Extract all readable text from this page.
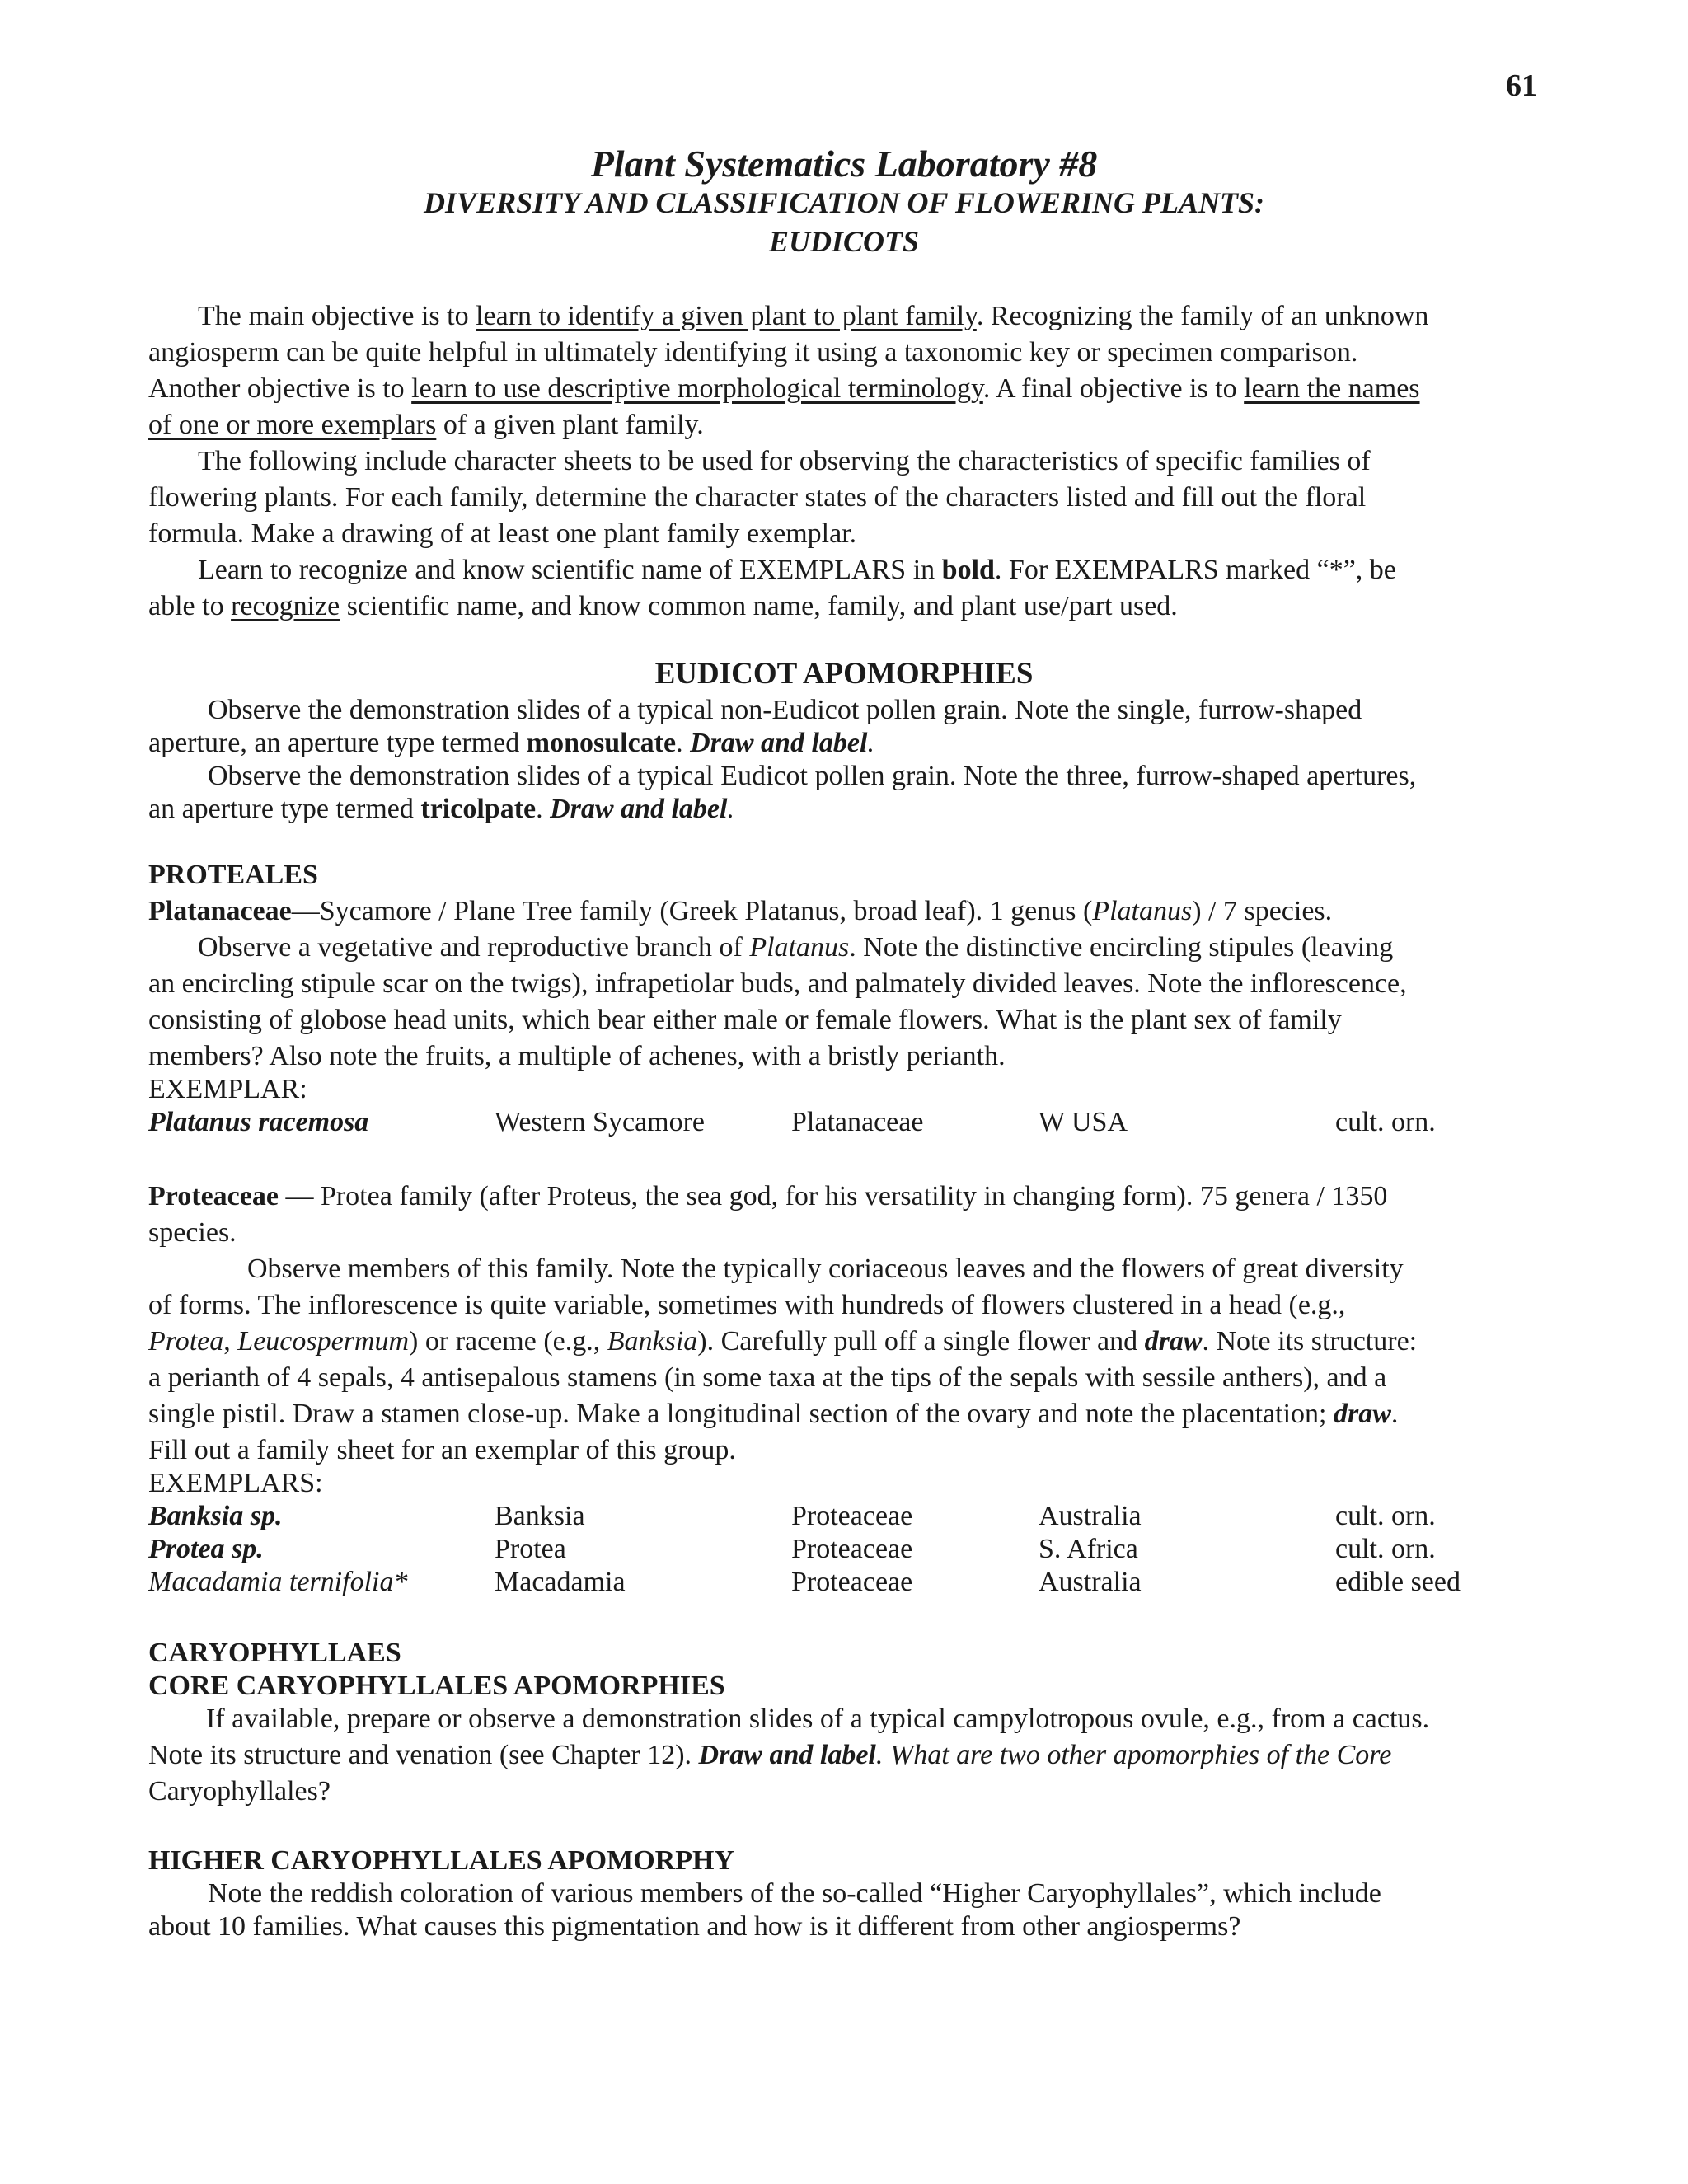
61
Plant Systematics Laboratory #8
DIVERSITY AND CLASSIFICATION OF FLOWERING PLANTS:
EUDICOTS
The main objective is to learn to identify a given plant to plant family. Recognizing the family of an unknown
angiosperm can be quite helpful in ultimately identifying it using a taxonomic key or specimen comparison.
Another objective is to learn to use descriptive morphological terminology. A final objective is to learn the names
of one or more exemplars of a given plant family.
The following include character sheets to be used for observing the characteristics of specific families of
flowering plants. For each family, determine the character states of the characters listed and fill out the floral
formula. Make a drawing of at least one plant family exemplar.
Learn to recognize and know scientific name of EXEMPLARS in bold. For EXEMPALRS marked “*”, be
able to recognize scientific name, and know common name, family, and plant use/part used.
EUDICOT APOMORPHIES
Observe the demonstration slides of a typical non-Eudicot pollen grain. Note the single, furrow-shaped
aperture, an aperture type termed monosulcate. Draw and label.
Observe the demonstration slides of a typical Eudicot pollen grain. Note the three, furrow-shaped apertures,
an aperture type termed tricolpate. Draw and label.
PROTEALES
Platanaceae—Sycamore / Plane Tree family (Greek Platanus, broad leaf). 1 genus (Platanus) / 7 species.
Observe a vegetative and reproductive branch of Platanus. Note the distinctive encircling stipules (leaving
an encircling stipule scar on the twigs), infrapetiolar buds, and palmately divided leaves. Note the inflorescence,
consisting of globose head units, which bear either male or female flowers. What is the plant sex of family
members? Also note the fruits, a multiple of achenes, with a bristly perianth.
EXEMPLAR:
Platanus racemosa	Western Sycamore	Platanaceae	W USA	cult. orn.
Proteaceae — Protea family (after Proteus, the sea god, for his versatility in changing form). 75 genera / 1350
species.
Observe members of this family. Note the typically coriaceous leaves and the flowers of great diversity
of forms. The inflorescence is quite variable, sometimes with hundreds of flowers clustered in a head (e.g.,
Protea, Leucospermum) or raceme (e.g., Banksia). Carefully pull off a single flower and draw. Note its structure:
a perianth of 4 sepals, 4 antisepalous stamens (in some taxa at the tips of the sepals with sessile anthers), and a
single pistil. Draw a stamen close-up. Make a longitudinal section of the ovary and note the placentation; draw.
Fill out a family sheet for an exemplar of this group.
EXEMPLARS:
Banksia sp.	Banksia	Proteaceae	Australia	cult. orn.
Protea sp.	Protea	Proteaceae	S. Africa	cult. orn.
Macadamia ternifolia*	Macadamia	Proteaceae	Australia	edible seed
CARYOPHYLLAES
CORE CARYOPHYLLALES APOMORPHIES
If available, prepare or observe a demonstration slides of a typical campylotropous ovule, e.g., from a cactus.
Note its structure and venation (see Chapter 12). Draw and label. What are two other apomorphies of the Core
Caryophyllales?
HIGHER CARYOPHYLLALES APOMORPHY
Note the reddish coloration of various members of the so-called “Higher Caryophyllales”, which include
about 10 families. What causes this pigmentation and how is it different from other angiosperms?
